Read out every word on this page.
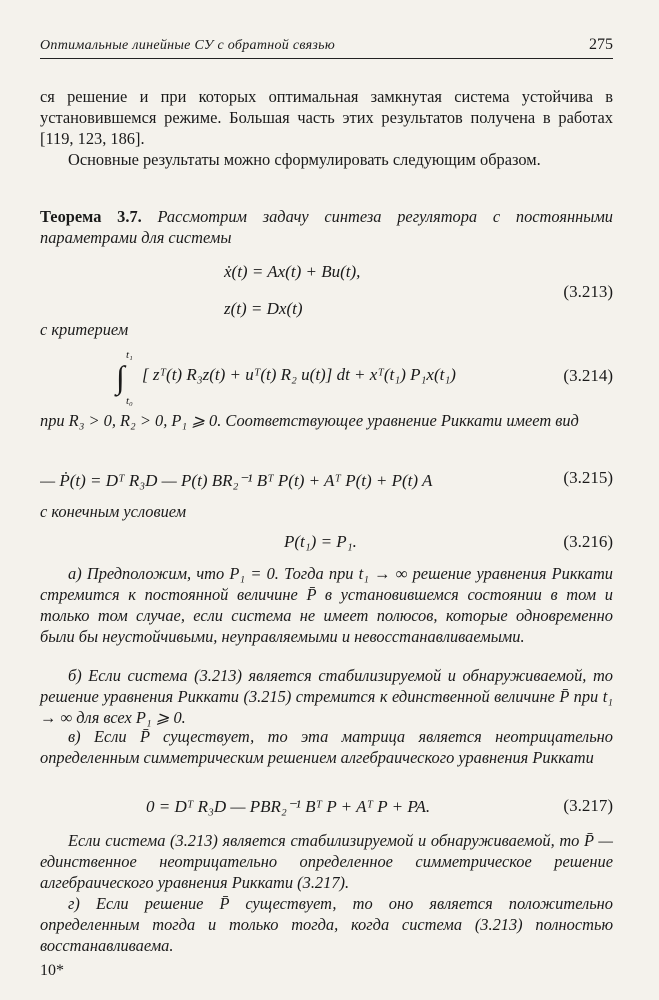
Оптимальные линейные СУ с обратной связью	275
ся решение и при которых оптимальная замкнутая система устойчива в установившемся режиме. Большая часть этих результатов получена в работах [119, 123, 186].
Основные результаты можно сформулировать следующим образом.
Теорема 3.7. Рассмотрим задачу синтеза регулятора с постоянными параметрами для системы
ẋ(t) = Ax(t) + Bu(t),
z(t) = Dx(t)
(3.213)
с критерием
t₁
∫
t₀
[ zᵀ(t) R₃z(t) + uᵀ(t) R₂ u(t)] dt + xᵀ(t₁) P₁x(t₁)	(3.214)
при R₃ > 0, R₂ > 0, P₁ ⩾ 0. Соответствующее уравнение Риккати имеет вид
— Ṗ(t) = Dᵀ R₃D — P(t) BR₂⁻¹ Bᵀ P(t) + Aᵀ P(t) + P(t) A	(3.215)
с конечным условием
P(t₁) = P₁.	(3.216)
а) Предположим, что P₁ = 0. Тогда при t₁ → ∞ решение уравнения Риккати стремится к постоянной величине P̄ в установившемся состоянии в том и только том случае, если система не имеет полюсов, которые одновременно были бы неустойчивыми, неуправляемыми и невосстанавливаемыми.
б) Если система (3.213) является стабилизируемой и обнаруживаемой, то решение уравнения Риккати (3.215) стремится к единственной величине P̄ при t₁ → ∞ для всех P₁ ⩾ 0.
в) Если P̄ существует, то эта матрица является неотрицательно определенным симметрическим решением алгебраического уравнения Риккати
0 = Dᵀ R₃D — PBR₂⁻¹ Bᵀ P + Aᵀ P + PA.	(3.217)
Если система (3.213) является стабилизируемой и обнаруживаемой, то P̄ — единственное неотрицательно определенное симметрическое решение алгебраического уравнения Риккати (3.217).
г) Если решение P̄ существует, то оно является положительно определенным тогда и только тогда, когда система (3.213) полностью восстанавливаема.
10*
